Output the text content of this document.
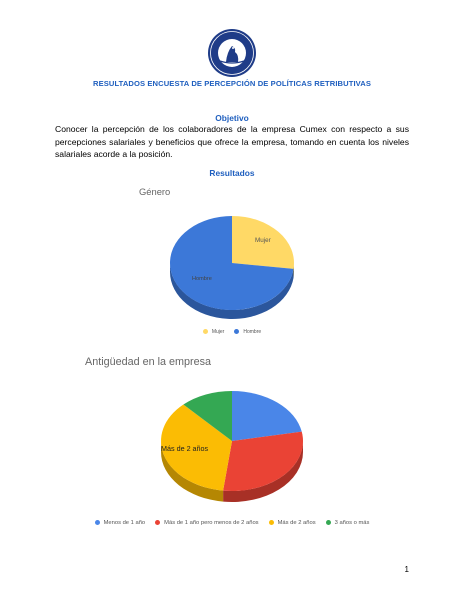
RESULTADOS ENCUESTA DE PERCEPCIÓN DE POLÍTICAS RETRIBUTIVAS
Objetivo
Conocer la percepción de los colaboradores de la empresa Cumex con respecto a sus percepciones salariales y beneficios que ofrece la empresa, tomando en cuenta los niveles salariales acorde a la posición.
Resultados
Género
Mujer
Hombre
Mujer	Hombre
Antigüedad en la empresa
Más de 2 años
Menos de 1 año	Más de 1 año pero menos de 2 años	Más de 2 años	3 años o más
1
